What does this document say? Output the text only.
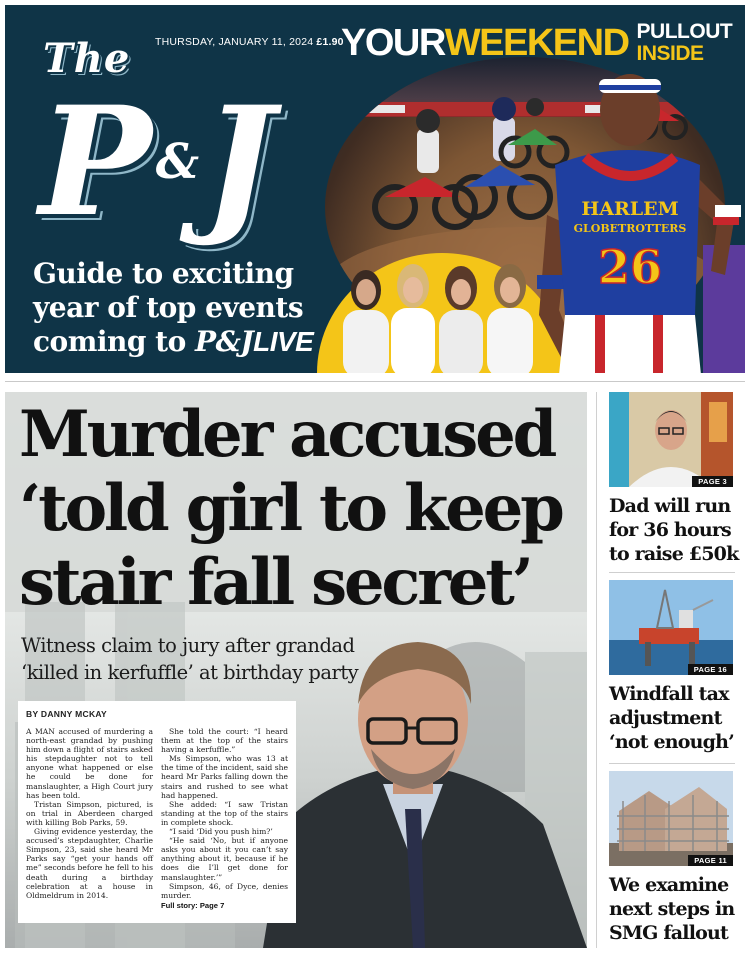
HARLEM
GLOBETROTTERS
26
The
P & J
THURSDAY, JANUARY 11, 2024 £1.90
Guide to exciting
year of top events
coming to P&JLIVE
YOUR WEEKEND PULLOUT
INSIDE
Murder accused
‘told girl to keep
stair fall secret’
Witness claim to jury after grandad
‘killed in kerfuffle’ at birthday party
BY DANNY MCKAY

A MAN accused of murdering a north-east grandad by pushing him down a flight of stairs asked his stepdaughter not to tell anyone what happened or else he could be done for manslaughter, a High Court jury has been told.

Tristan Simpson, pictured, is on trial in Aberdeen charged with killing Bob Parks, 59.

Giving evidence yesterday, the accused’s stepdaughter, Charlie Simpson, 23, said she heard Mr Parks say “get your hands off me” seconds before he fell to his death during a birthday celebration at a house in Oldmeldrum in 2014.

She told the court: “I heard them at the top of the stairs having a kerfuffle.”

Ms Simpson, who was 13 at the time of the incident, said she heard Mr Parks falling down the stairs and rushed to see what had happened.

She added: “I saw Tristan standing at the top of the stairs in complete shock.

“I said ‘Did you push him?’

“He said ‘No, but if anyone asks you about it you can’t say anything about it, because if he does die I’ll get done for manslaughter.’”

Simpson, 46, of Dyce, denies murder.

Full story: Page 7
PAGE 3
Dad will run
for 36 hours
to raise £50k
PAGE 16
Windfall tax
adjustment
‘not enough’
PAGE 11
We examine
next steps in
SMG fallout
